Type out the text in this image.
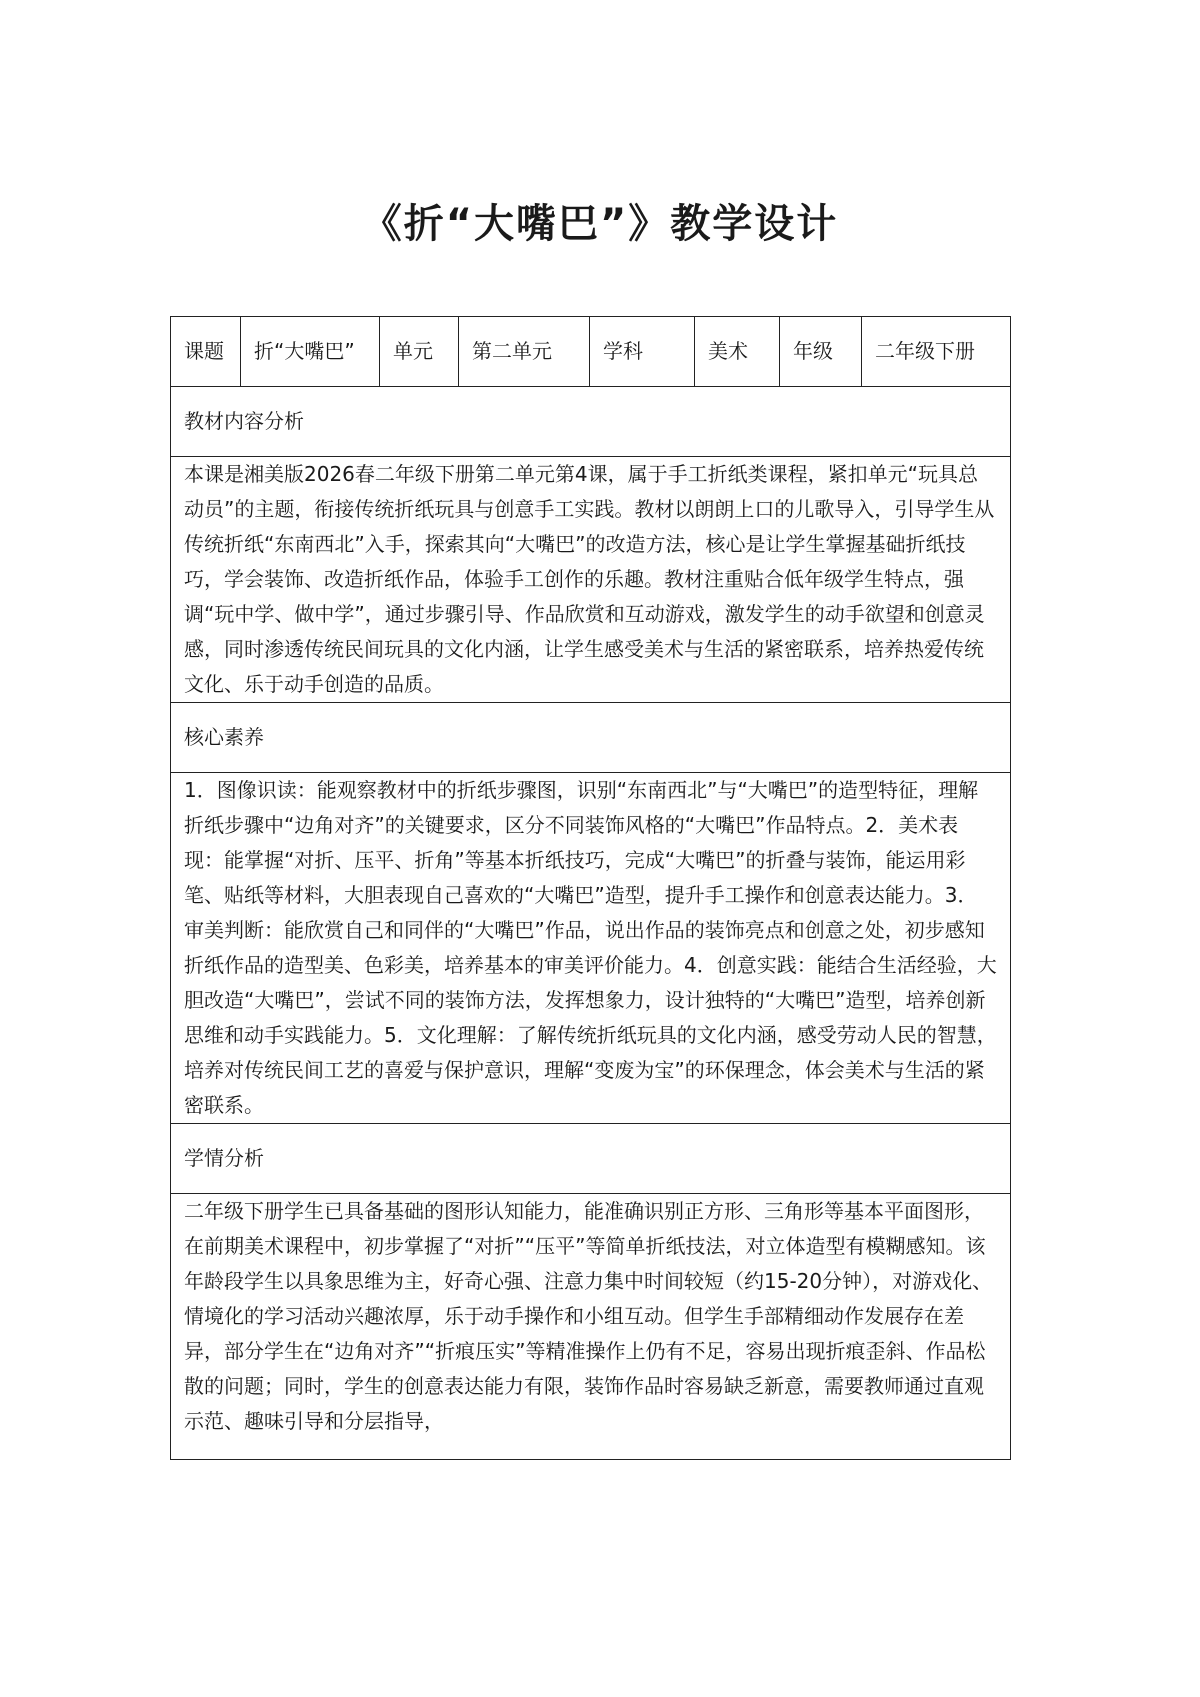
《折“大嘴巴”》教学设计
课题	折“大嘴巴”	单元	第二单元	学科	美术	年级	二年级下册
教材内容分析
本课是湘美版2026春二年级下册第二单元第4课，属于手工折纸类课程，紧扣单元“玩具总动员”的主题，衔接传统折纸玩具与创意手工实践。教材以朗朗上口的儿歌导入，引导学生从传统折纸“东南西北”入手，探索其向“大嘴巴”的改造方法，核心是让学生掌握基础折纸技巧，学会装饰、改造折纸作品，体验手工创作的乐趣。教材注重贴合低年级学生特点，强调“玩中学、做中学”，通过步骤引导、作品欣赏和互动游戏，激发学生的动手欲望和创意灵感，同时渗透传统民间玩具的文化内涵，让学生感受美术与生活的紧密联系，培养热爱传统文化、乐于动手创造的品质。
核心素养
1．图像识读：能观察教材中的折纸步骤图，识别“东南西北”与“大嘴巴”的造型特征，理解折纸步骤中“边角对齐”的关键要求，区分不同装饰风格的“大嘴巴”作品特点。2．美术表现：能掌握“对折、压平、折角”等基本折纸技巧，完成“大嘴巴”的折叠与装饰，能运用彩笔、贴纸等材料，大胆表现自己喜欢的“大嘴巴”造型，提升手工操作和创意表达能力。3．审美判断：能欣赏自己和同伴的“大嘴巴”作品，说出作品的装饰亮点和创意之处，初步感知折纸作品的造型美、色彩美，培养基本的审美评价能力。4．创意实践：能结合生活经验，大胆改造“大嘴巴”，尝试不同的装饰方法，发挥想象力，设计独特的“大嘴巴”造型，培养创新思维和动手实践能力。5．文化理解：了解传统折纸玩具的文化内涵，感受劳动人民的智慧，培养对传统民间工艺的喜爱与保护意识，理解“变废为宝”的环保理念，体会美术与生活的紧密联系。
学情分析

二年级下册学生已具备基础的图形认知能力，能准确识别正方形、三角形等基本平面图形，在前期美术课程中，初步掌握了“对折”“压平”等简单折纸技法，对立体造型有模糊感知。该年龄段学生以具象思维为主，好奇心强、注意力集中时间较短（约15-20分钟），对游戏化、情境化的学习活动兴趣浓厚，乐于动手操作和小组互动。但学生手部精细动作发展存在差异，部分学生在“边角对齐”“折痕压实”等精准操作上仍有不足，容易出现折痕歪斜、作品松散的问题；同时，学生的创意表达能力有限，装饰作品时容易缺乏新意，需要教师通过直观示范、趣味引导和分层指导，
